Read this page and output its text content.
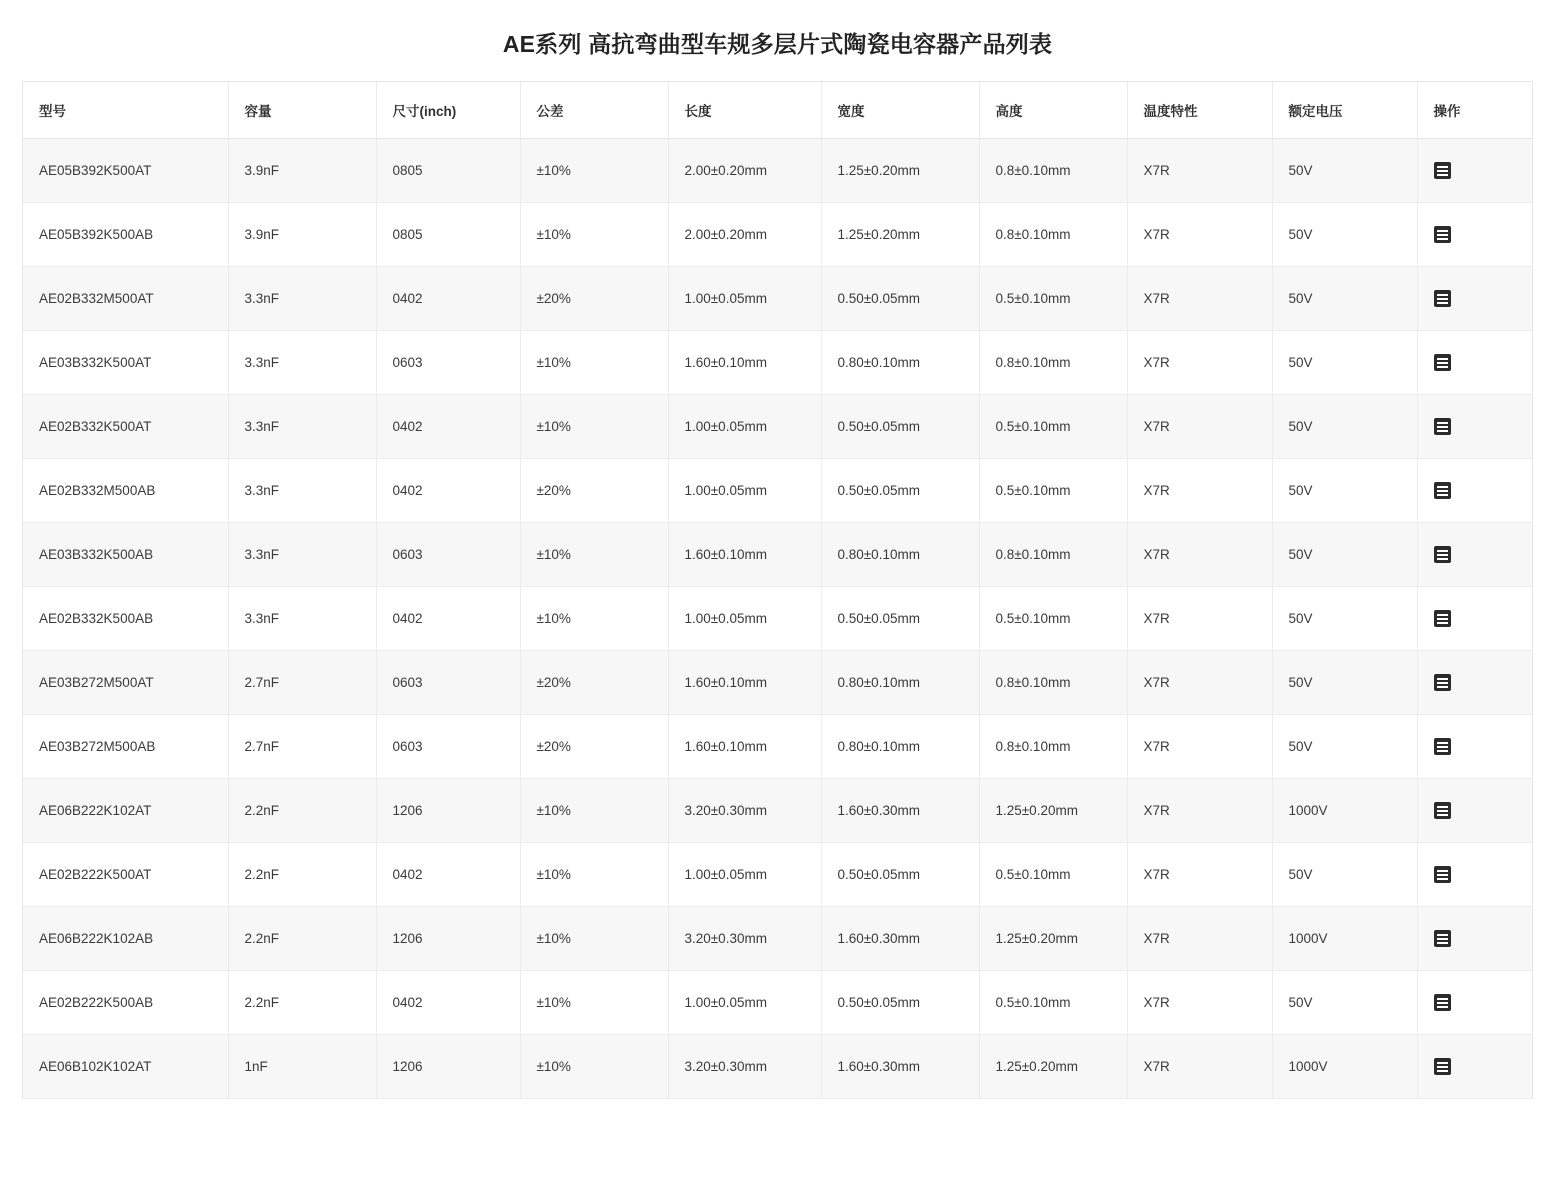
AE系列 高抗弯曲型车规多层片式陶瓷电容器产品列表
型号	容量	尺寸(inch)	公差	长度	宽度	高度	温度特性	额定电压	操作
AE05B392K500AT	3.9nF	0805	±10%	2.00±0.20mm	1.25±0.20mm	0.8±0.10mm	X7R	50V	
AE05B392K500AB	3.9nF	0805	±10%	2.00±0.20mm	1.25±0.20mm	0.8±0.10mm	X7R	50V	
AE02B332M500AT	3.3nF	0402	±20%	1.00±0.05mm	0.50±0.05mm	0.5±0.10mm	X7R	50V	
AE03B332K500AT	3.3nF	0603	±10%	1.60±0.10mm	0.80±0.10mm	0.8±0.10mm	X7R	50V	
AE02B332K500AT	3.3nF	0402	±10%	1.00±0.05mm	0.50±0.05mm	0.5±0.10mm	X7R	50V	
AE02B332M500AB	3.3nF	0402	±20%	1.00±0.05mm	0.50±0.05mm	0.5±0.10mm	X7R	50V	
AE03B332K500AB	3.3nF	0603	±10%	1.60±0.10mm	0.80±0.10mm	0.8±0.10mm	X7R	50V	
AE02B332K500AB	3.3nF	0402	±10%	1.00±0.05mm	0.50±0.05mm	0.5±0.10mm	X7R	50V	
AE03B272M500AT	2.7nF	0603	±20%	1.60±0.10mm	0.80±0.10mm	0.8±0.10mm	X7R	50V	
AE03B272M500AB	2.7nF	0603	±20%	1.60±0.10mm	0.80±0.10mm	0.8±0.10mm	X7R	50V	
AE06B222K102AT	2.2nF	1206	±10%	3.20±0.30mm	1.60±0.30mm	1.25±0.20mm	X7R	1000V	
AE02B222K500AT	2.2nF	0402	±10%	1.00±0.05mm	0.50±0.05mm	0.5±0.10mm	X7R	50V	
AE06B222K102AB	2.2nF	1206	±10%	3.20±0.30mm	1.60±0.30mm	1.25±0.20mm	X7R	1000V	
AE02B222K500AB	2.2nF	0402	±10%	1.00±0.05mm	0.50±0.05mm	0.5±0.10mm	X7R	50V	
AE06B102K102AT	1nF	1206	±10%	3.20±0.30mm	1.60±0.30mm	1.25±0.20mm	X7R	1000V	
